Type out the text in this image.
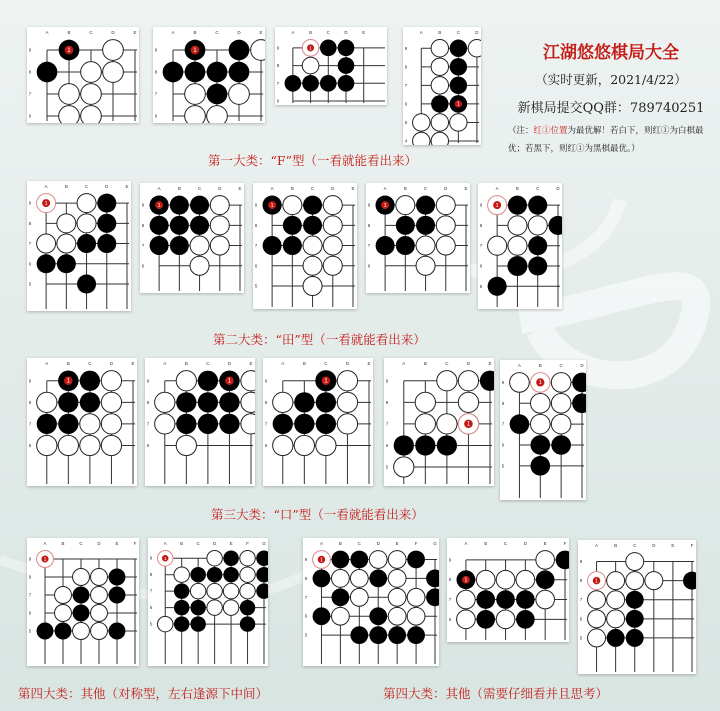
江湖悠悠棋局大全
（实时更新，2021/4/22）
新棋局提交QQ群：789740251
（注：红①位置为最优解！若白下，则红①为白棋最优；若黑下，则红①为黑棋最优。）
A	B	C	D	E
9
8
7
6
1
A	B	C	D	E
9
8
7
6
1
A	B	C	D	E
9
8
7
6
1
A	B	C	D
9
8
7
6
5
4
1
第一大类：“F”型（一看就能看出来）
A	B	C	D	E
9
8
7
6
5
1
A	B	C	D	E
9
8
7
6
1
A	B	C	D	E
9
8
7
6
5
1
A	B	C	D	E
9
8
7
6
1
A	B	C	D
9
8
7
6
5
1
第二大类：“田”型（一看就能看出来）
A	B	C	D	E
9
8
7
6
1
A	B	C	D	E
9
8
7
6
1
A	B	C	D	E
9
8
7
6
1
A	B	C	D	E
9
8
7
6
5
1
A	B	C	D
9
8
7
6
5
1
第三大类：“口”型（一看就能看出来）
A	B	C	D	E	F
9
8
7
6
5
1
A	B	C	D	E	F	G
9
8
7
6
5
1
A	B	C	D	E	F	G
9
8
7
6
5
1
A	B	C	D	E	F
9
8
7
6
1
A	B	C	D	E	F
9
8
7
6
5
1
第四大类：其他（对称型，左右逢源下中间）	第四大类：其他（需要仔细看并且思考）
